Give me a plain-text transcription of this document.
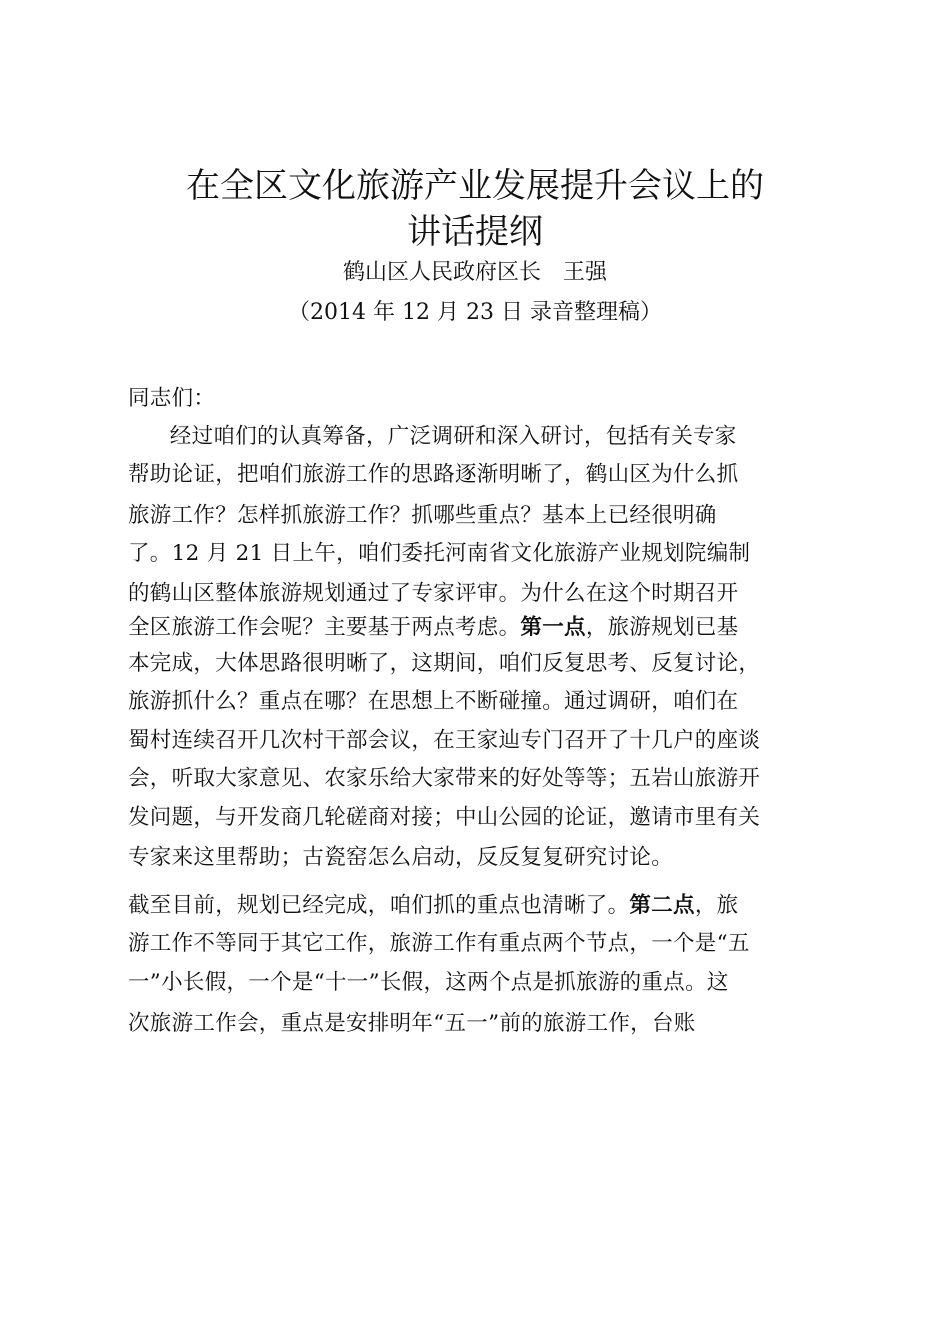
在全区文化旅游产业发展提升会议上的
讲话提纲
鹤山区人民政府区长　王强
（2014 年 12 月 23 日 录音整理稿）
同志们：
　经过咱们的认真筹备，广泛调研和深入研讨，包括有关专家
帮助论证，把咱们旅游工作的思路逐渐明晰了，鹤山区为什么抓
旅游工作？怎样抓旅游工作？抓哪些重点？基本上已经很明确
了。12 月 21 日上午，咱们委托河南省文化旅游产业规划院编制
的鹤山区整体旅游规划通过了专家评审。为什么在这个时期召开
全区旅游工作会呢？主要基于两点考虑。第一点，旅游规划已基
本完成，大体思路很明晰了，这期间，咱们反复思考、反复讨论，
旅游抓什么？重点在哪？在思想上不断碰撞。通过调研，咱们在
蜀村连续召开几次村干部会议，在王家辿专门召开了十几户的座谈
会，听取大家意见、农家乐给大家带来的好处等等；五岩山旅游开
发问题，与开发商几轮磋商对接；中山公园的论证，邀请市里有关
专家来这里帮助；古瓷窑怎么启动，反反复复研究讨论。
截至目前，规划已经完成，咱们抓的重点也清晰了。第二点，旅
游工作不等同于其它工作，旅游工作有重点两个节点，一个是“五
一”小长假，一个是“十一”长假，这两个点是抓旅游的重点。这
次旅游工作会，重点是安排明年“五一”前的旅游工作，台账
